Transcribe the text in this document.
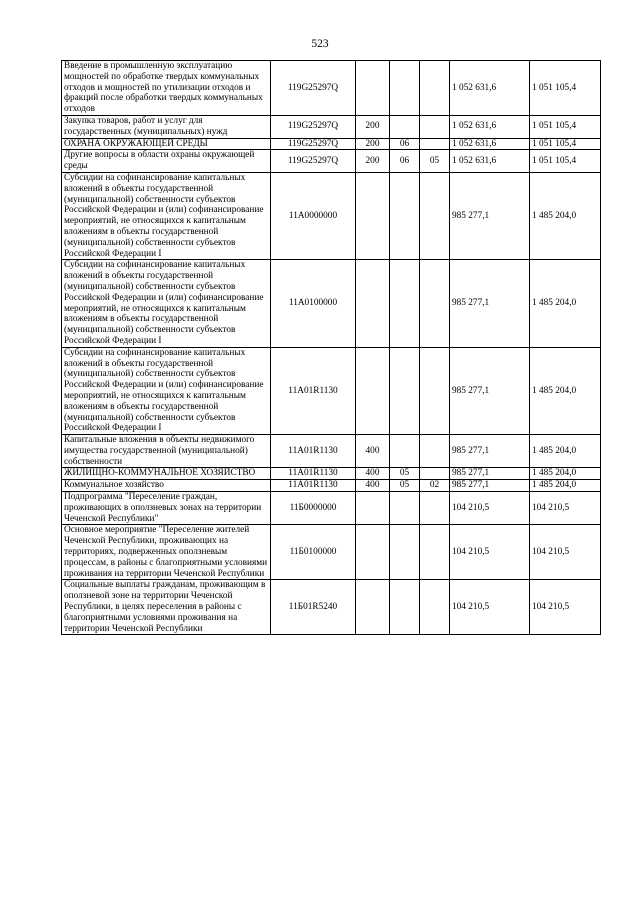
523
Введение в промышленную эксплуатацию мощностей по обработке твердых коммунальных отходов и мощностей по утилизации отходов и фракций после обработки твердых коммунальных отходов	119G25297Q				1 052 631,6	1 051 105,4
Закупка товаров, работ и услуг для государственных (муниципальных) нужд	119G25297Q	200			1 052 631,6	1 051 105,4
ОХРАНА ОКРУЖАЮЩЕЙ СРЕДЫ	119G25297Q	200	06		1 052 631,6	1 051 105,4
Другие вопросы в области охраны окружающей среды	119G25297Q	200	06	05	1 052 631,6	1 051 105,4
Субсидии на софинансирование капитальных вложений в объекты государственной (муниципальной) собственности субъектов Российской Федерации и (или) софинансирование мероприятий, не относящихся к капитальным вложениям в объекты государственной (муниципальной) собственности субъектов Российской Федерации I	11А0000000				985 277,1	1 485 204,0
Субсидии на софинансирование капитальных вложений в объекты государственной (муниципальной) собственности субъектов Российской Федерации и (или) софинансирование мероприятий, не относящихся к капитальным вложениям в объекты государственной (муниципальной) собственности субъектов Российской Федерации I	11А0100000				985 277,1	1 485 204,0
Субсидии на софинансирование капитальных вложений в объекты государственной (муниципальной) собственности субъектов Российской Федерации и (или) софинансирование мероприятий, не относящихся к капитальным вложениям в объекты государственной (муниципальной) собственности субъектов Российской Федерации I	11А01R1130				985 277,1	1 485 204,0
Капитальные вложения в объекты недвижимого имущества государственной (муниципальной) собственности	11А01R1130	400			985 277,1	1 485 204,0
ЖИЛИЩНО-КОММУНАЛЬНОЕ ХОЗЯЙСТВО	11А01R1130	400	05		985 277,1	1 485 204,0
Коммунальное хозяйство	11А01R1130	400	05	02	985 277,1	1 485 204,0
Подпрограмма "Переселение граждан, проживающих в оползневых зонах на территории Чеченской Республики"	11Б0000000				104 210,5	104 210,5
Основное мероприятие "Переселение жителей Чеченской Республики, проживающих на территориях, подверженных оползневым процессам, в районы с благоприятными условиями проживания на территории Чеченской Республики	11Б0100000				104 210,5	104 210,5
Социальные выплаты гражданам, проживающим в оползневой зоне на территории Чеченской Республики, в целях переселения в районы с благоприятными условиями проживания на территории Чеченской Республики	11Б01R5240				104 210,5	104 210,5
